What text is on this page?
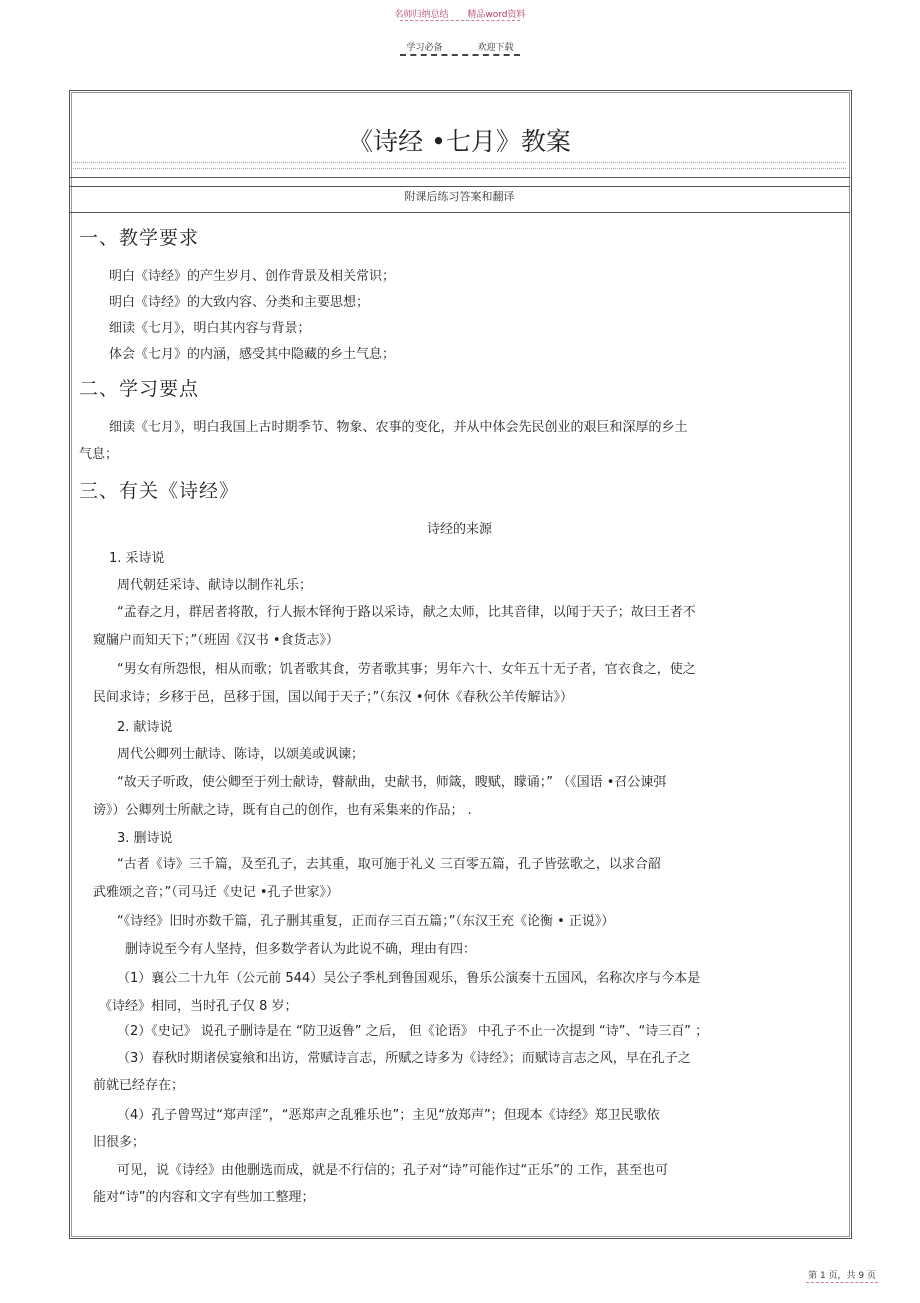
名师归纳总结 精品word资料
学习必备	欢迎下载
《诗经 •七月》教案
附课后练习答案和翻译
一、教学要求
明白《诗经》的产生岁月、创作背景及相关常识；
明白《诗经》的大致内容、分类和主要思想；
细读《七月》，明白其内容与背景；
体会《七月》的内涵，感受其中隐藏的乡土气息；
二、学习要点
细读《七月》，明白我国上古时期季节、物象、农事的变化，并从中体会先民创业的艰巨和深厚的乡土
气息；
三、有关《诗经》
诗经的来源
1. 采诗说
周代朝廷采诗、献诗以制作礼乐；
“孟春之月，群居者将散，行人振木铎徇于路以采诗，献之太师，比其音律，以闻于天子；故曰王者不
窥牖户而知天下；”（班固《汉书 •食货志》）
“男女有所怨恨，相从而歌；饥者歌其食，劳者歌其事；男年六十、女年五十无子者，官衣食之，使之
民间求诗；乡移于邑，邑移于国，国以闻于天子；”（东汉 •何休《春秋公羊传解诂》）
2. 献诗说
周代公卿列士献诗、陈诗，以颂美或讽谏；
“故天子听政，使公卿至于列士献诗，瞽献曲，史献书，师箴，瞍赋，矇诵；” （《国语 •召公谏弭
谤》）公卿列士所献之诗，既有自己的创作，也有采集来的作品； .
3. 删诗说
“古者《诗》三千篇，及至孔子，去其重，取可施于礼义 三百零五篇，孔子皆弦歌之，以求合韶
武雅颂之音；”（司马迁《史记 •孔子世家》）
“《诗经》旧时亦数千篇，孔子删其重复，正而存三百五篇；”（东汉王充《论衡 • 正说》）
删诗说至今有人坚持，但多数学者认为此说不确，理由有四：
（1）襄公二十九年（公元前 544）吴公子季札到鲁国观乐，鲁乐公演奏十五国风，名称次序与今本是
《诗经》相同，当时孔子仅 8 岁；
（2）《史记》 说孔子删诗是在 “防卫返鲁” 之后， 但《论语》 中孔子不止一次提到 “诗”、“诗三百” ；
（3）春秋时期诸侯宴飨和出访，常赋诗言志，所赋之诗多为《诗经》；而赋诗言志之风，早在孔子之
前就已经存在；
（4）孔子曾骂过“郑声淫”，“恶郑声之乱雅乐也”；主见“放郑声”；但现本《诗经》郑卫民歌依
旧很多；
可见，说《诗经》由他删选而成，就是不行信的；孔子对“诗”可能作过“正乐”的 工作，甚至也可
能对“诗”的内容和文字有些加工整理；
第 1 页，共 9 页
